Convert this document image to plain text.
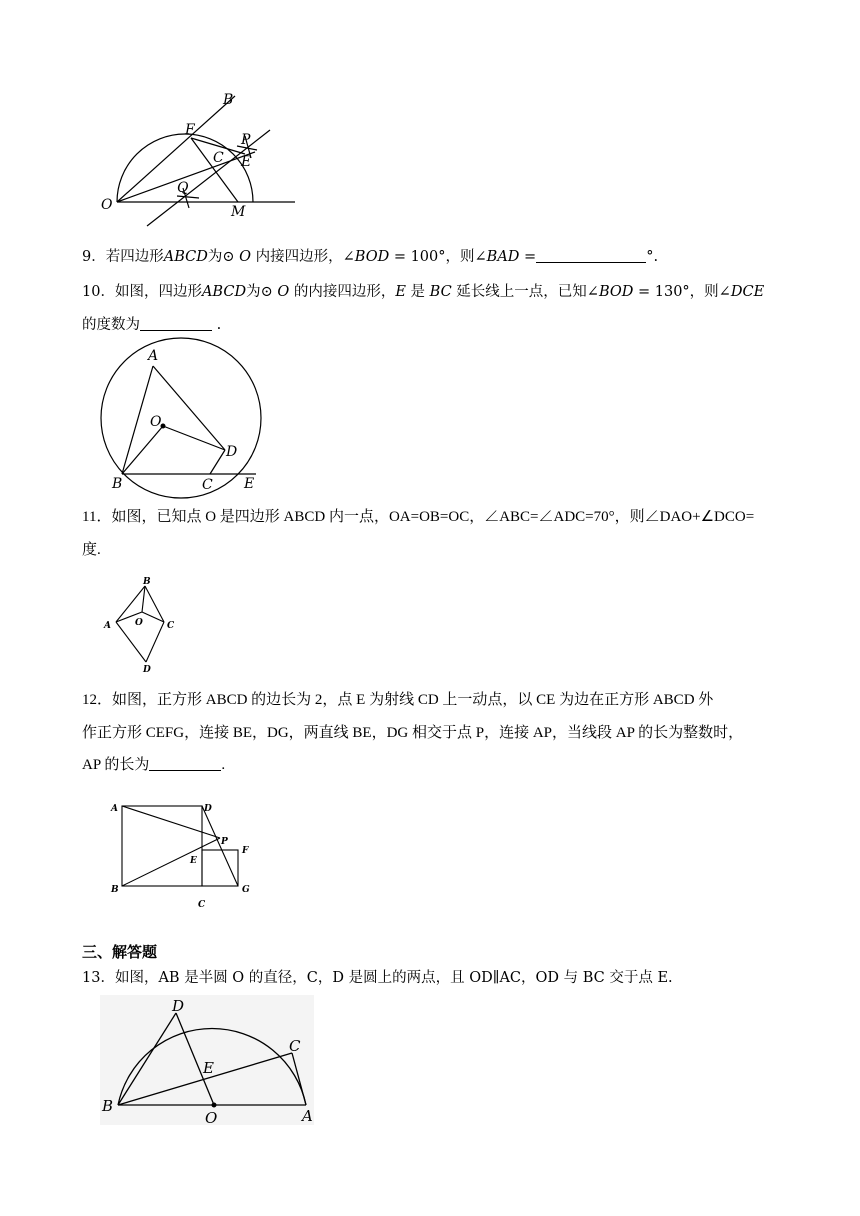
B
F
P
C E
Q
O	M
9．若四边形ABCD为⊙ O 内接四边形，∠BOD = 100°，则∠BAD =	°.
10．如图，四边形ABCD为⊙ O 的内接四边形，E 是 BC 延长线上一点，已知∠BOD = 130°，则∠DCE
的度数为	.
A
O
D
B	C E
11．如图，已知点 O 是四边形 ABCD 内一点，OA=OB=OC，∠ABC=∠ADC=70°，则∠DAO+∠DCO=
度.
B
A	O	C
D
12．如图，正方形 ABCD 的边长为 2，点 E 为射线 CD 上一动点，以 CE 为边在正方形 ABCD 外
作正方形 CEFG，连接 BE，DG，两直线 BE，DG 相交于点 P，连接 AP，当线段 AP 的长为整数时，
AP 的长为	.
A	D
P
F
E
B
C
G
三、解答题
13．如图，AB 是半圆 O 的直径，C，D 是圆上的两点，且 OD∥AC，OD 与 BC 交于点 E.
D
C
E
B
O	A
